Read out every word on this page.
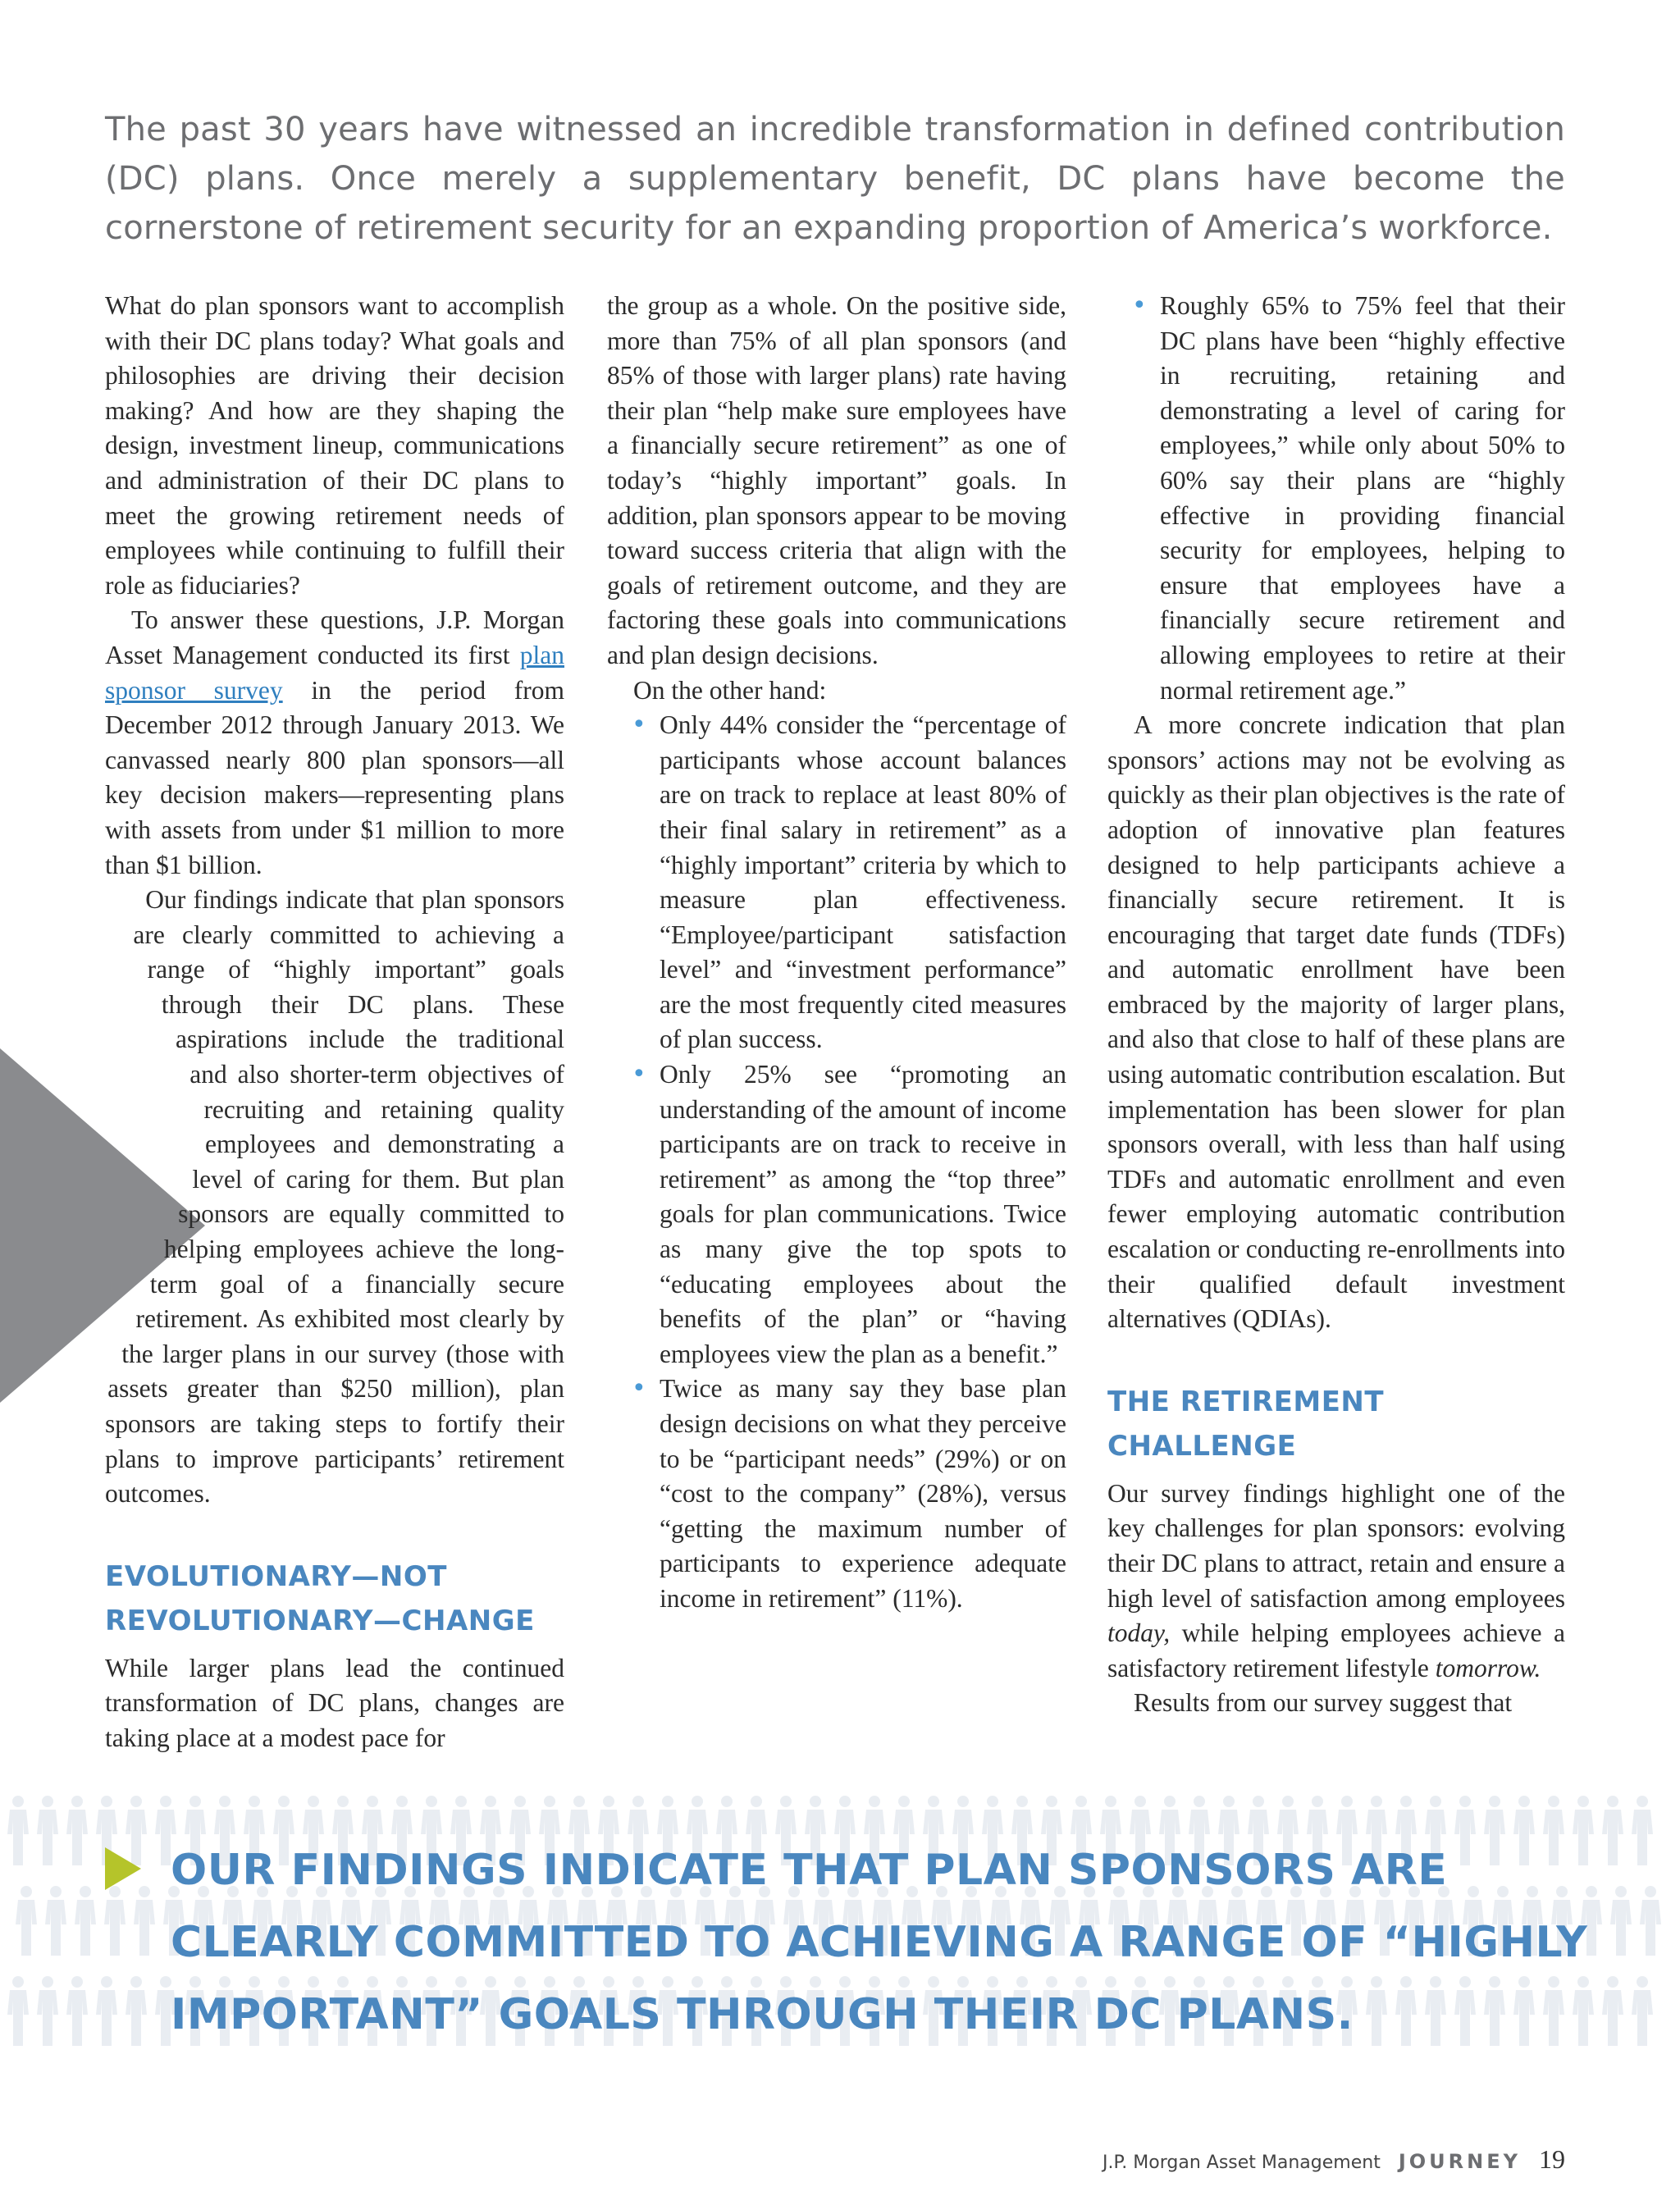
The past 30 years have witnessed an incredible transformation in defined contribution (DC) plans. Once merely a supplementary benefit, DC plans have become the cornerstone of retirement security for an expanding proportion of America’s workforce.

What do plan sponsors want to accomplish with their DC plans today? What goals and philosophies are driving their decision making? And how are they shaping the design, investment lineup, communications and administration of their DC plans to meet the growing retirement needs of employees while continuing to fulfill their role as fiduciaries?

To answer these questions, J.P. Morgan Asset Management conducted its first plan sponsor survey in the period from December 2012 through January 2013. We canvassed nearly 800 plan sponsors—all key decision makers—representing plans with assets from under $1 million to more than $1 billion.

Our findings indicate that plan sponsors are clearly committed to achieving a range of “highly important” goals through their DC plans. These aspirations include the traditional and also shorter-term objectives of recruiting and retaining quality employees and demonstrating a level of caring for them. But plan sponsors are equally committed to helping employees achieve the long-term goal of a financially secure retirement. As exhibited most clearly by the larger plans in our survey (those with assets greater than $250 million), plan sponsors are taking steps to fortify their plans to improve participants’ retirement outcomes.

EVOLUTIONARY—NOT
REVOLUTIONARY—CHANGE

While larger plans lead the continued transformation of DC plans, changes are taking place at a modest pace for

the group as a whole. On the positive side, more than 75% of all plan sponsors (and 85% of those with larger plans) rate having their plan “help make sure employees have a financially secure retirement” as one of today’s “highly important” goals. In addition, plan sponsors appear to be moving toward success criteria that align with the goals of retirement outcome, and they are factoring these goals into communications and plan design decisions.

On the other hand:

• Only 44% consider the “percentage of participants whose account balances are on track to replace at least 80% of their final salary in retirement” as a “highly important” criteria by which to measure plan effectiveness. “Employee/participant satisfaction level” and “investment performance” are the most frequently cited measures of plan success.
• Only 25% see “promoting an understanding of the amount of income participants are on track to receive in retirement” as among the “top three” goals for plan communications. Twice as many give the top spots to “educating employees about the benefits of the plan” or “having employees view the plan as a benefit.”
• Twice as many say they base plan design decisions on what they perceive to be “participant needs” (29%) or on “cost to the company” (28%), versus “getting the maximum number of participants to experience adequate income in retirement” (11%).
• Roughly 65% to 75% feel that their DC plans have been “highly effective in recruiting, retaining and demonstrating a level of caring for employees,” while only about 50% to 60% say their plans are “highly effective in providing financial security for employees, helping to ensure that employees have a financially secure retirement and allowing employees to retire at their normal retirement age.”

A more concrete indication that plan sponsors’ actions may not be evolving as quickly as their plan objectives is the rate of adoption of innovative plan features designed to help participants achieve a financially secure retirement. It is encouraging that target date funds (TDFs) and automatic enrollment have been embraced by the majority of larger plans, and also that close to half of these plans are using automatic contribution escalation. But implementation has been slower for plan sponsors overall, with less than half using TDFs and automatic enrollment and even fewer employing automatic contribution escalation or conducting re-enrollments into their qualified default investment alternatives (QDIAs).

THE RETIREMENT CHALLENGE

Our survey findings highlight one of the key challenges for plan sponsors: evolving their DC plans to attract, retain and ensure a high level of satisfaction among employees today, while helping employees achieve a satisfactory retirement lifestyle tomorrow.

Results from our survey suggest that

OUR FINDINGS INDICATE THAT PLAN SPONSORS ARE CLEARLY COMMITTED TO ACHIEVING A RANGE OF “HIGHLY IMPORTANT” GOALS THROUGH THEIR DC PLANS.

J.P. Morgan Asset Management JOURNEY 19
